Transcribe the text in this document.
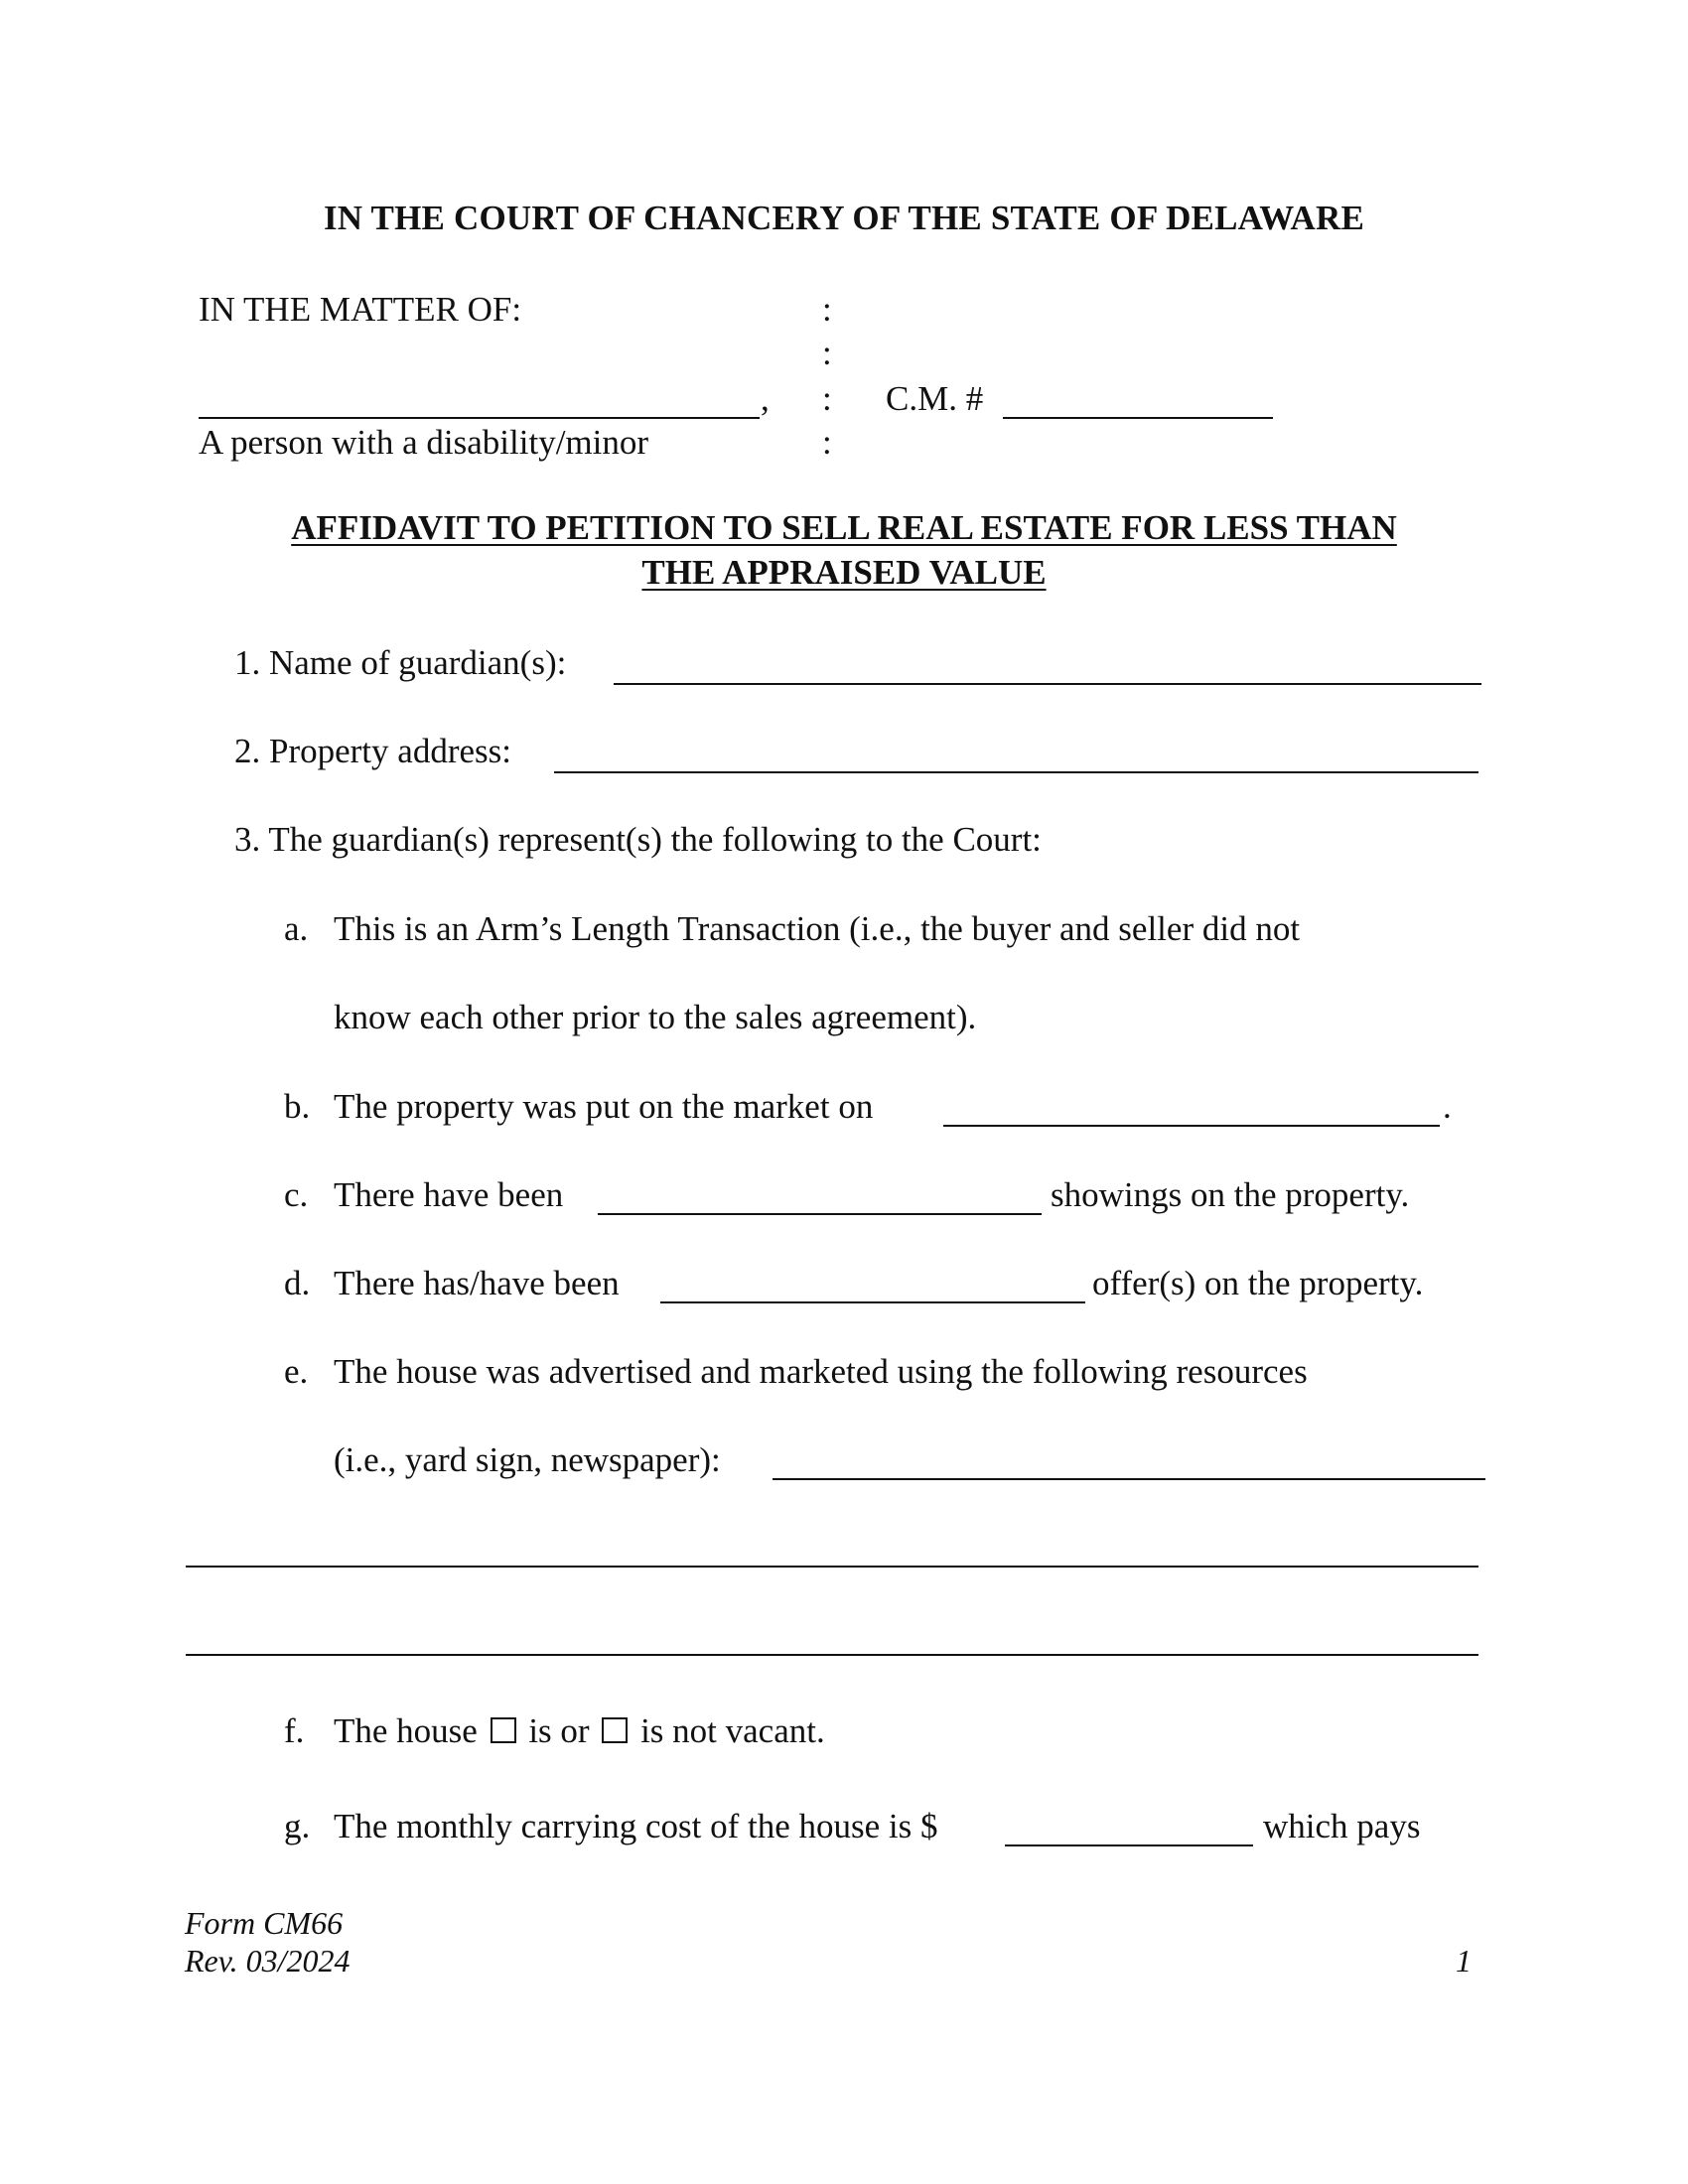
IN THE COURT OF CHANCERY OF THE STATE OF DELAWARE
IN THE MATTER OF:	:
:
, : C.M. #
A person with a disability/minor	:
AFFIDAVIT TO PETITION TO SELL REAL ESTATE FOR LESS THAN
THE APPRAISED VALUE
1. Name of guardian(s):
2. Property address:
3. The guardian(s) represent(s) the following to the Court:
a. This is an Arm’s Length Transaction (i.e., the buyer and seller did not
know each other prior to the sales agreement).
b. The property was put on the market on	.
c. There have been	showings on the property.
d. There has/have been	offer(s) on the property.
e. The house was advertised and marketed using the following resources
(i.e., yard sign, newspaper):
f. The house is or is not vacant.
g. The monthly carrying cost of the house is $	which pays
Form CM66
Rev. 03/2024	1
